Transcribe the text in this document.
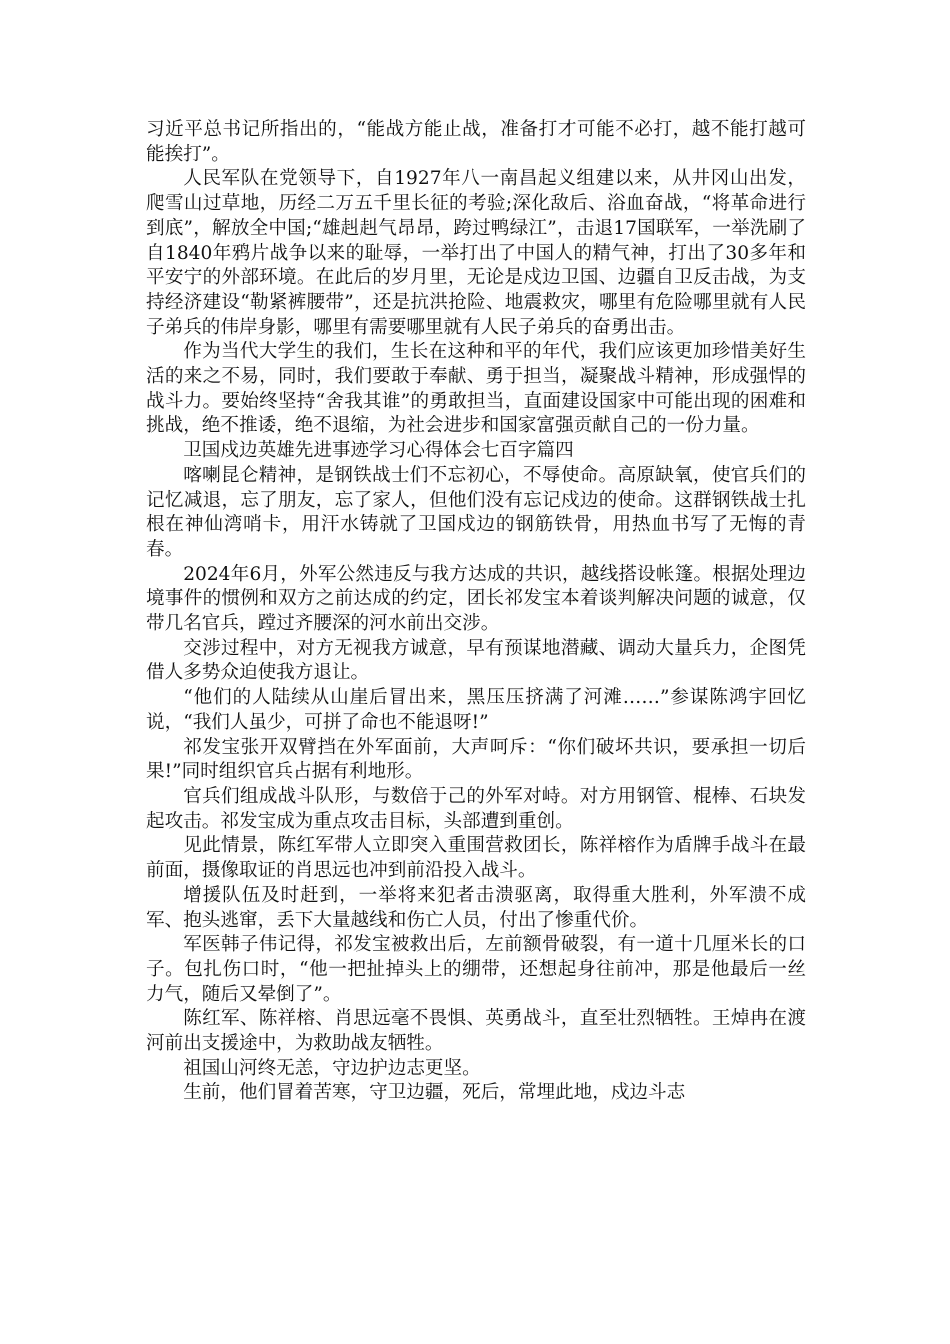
习近平总书记所指出的，“能战方能止战，准备打才可能不必打，越不能打越可能挨打”。

人民军队在党领导下，自1927年八一南昌起义组建以来，从井冈山出发，爬雪山过草地，历经二万五千里长征的考验;深化敌后、浴血奋战，“将革命进行到底”，解放全中国;“雄赳赳气昂昂，跨过鸭绿江”，击退17国联军，一举洗刷了自1840年鸦片战争以来的耻辱，一举打出了中国人的精气神，打出了30多年和平安宁的外部环境。在此后的岁月里，无论是戍边卫国、边疆自卫反击战，为支持经济建设“勒紧裤腰带”，还是抗洪抢险、地震救灾，哪里有危险哪里就有人民子弟兵的伟岸身影，哪里有需要哪里就有人民子弟兵的奋勇出击。

作为当代大学生的我们，生长在这种和平的年代，我们应该更加珍惜美好生活的来之不易，同时，我们要敢于奉献、勇于担当，凝聚战斗精神，形成强悍的战斗力。要始终坚持“舍我其谁”的勇敢担当，直面建设国家中可能出现的困难和挑战，绝不推诿，绝不退缩，为社会进步和国家富强贡献自己的一份力量。

卫国戍边英雄先进事迹学习心得体会七百字篇四

喀喇昆仑精神，是钢铁战士们不忘初心，不辱使命。高原缺氧，使官兵们的记忆减退，忘了朋友，忘了家人，但他们没有忘记戍边的使命。这群钢铁战士扎根在神仙湾哨卡，用汗水铸就了卫国戍边的钢筋铁骨，用热血书写了无悔的青春。

2024年6月，外军公然违反与我方达成的共识，越线搭设帐篷。根据处理边境事件的惯例和双方之前达成的约定，团长祁发宝本着谈判解决问题的诚意，仅带几名官兵，蹚过齐腰深的河水前出交涉。

交涉过程中，对方无视我方诚意，早有预谋地潜藏、调动大量兵力，企图凭借人多势众迫使我方退让。

“他们的人陆续从山崖后冒出来，黑压压挤满了河滩……”参谋陈鸿宇回忆说，“我们人虽少，可拼了命也不能退呀!”

祁发宝张开双臂挡在外军面前，大声呵斥：“你们破坏共识，要承担一切后果!”同时组织官兵占据有利地形。

官兵们组成战斗队形，与数倍于己的外军对峙。对方用钢管、棍棒、石块发起攻击。祁发宝成为重点攻击目标，头部遭到重创。

见此情景，陈红军带人立即突入重围营救团长，陈祥榕作为盾牌手战斗在最前面，摄像取证的肖思远也冲到前沿投入战斗。

增援队伍及时赶到，一举将来犯者击溃驱离，取得重大胜利，外军溃不成军、抱头逃窜，丢下大量越线和伤亡人员，付出了惨重代价。

军医韩子伟记得，祁发宝被救出后，左前额骨破裂，有一道十几厘米长的口子。包扎伤口时，“他一把扯掉头上的绷带，还想起身往前冲，那是他最后一丝力气，随后又晕倒了”。

陈红军、陈祥榕、肖思远毫不畏惧、英勇战斗，直至壮烈牺牲。王焯冉在渡河前出支援途中，为救助战友牺牲。

祖国山河终无恙，守边护边志更坚。

生前，他们冒着苦寒，守卫边疆，死后，常埋此地，戍边斗志
